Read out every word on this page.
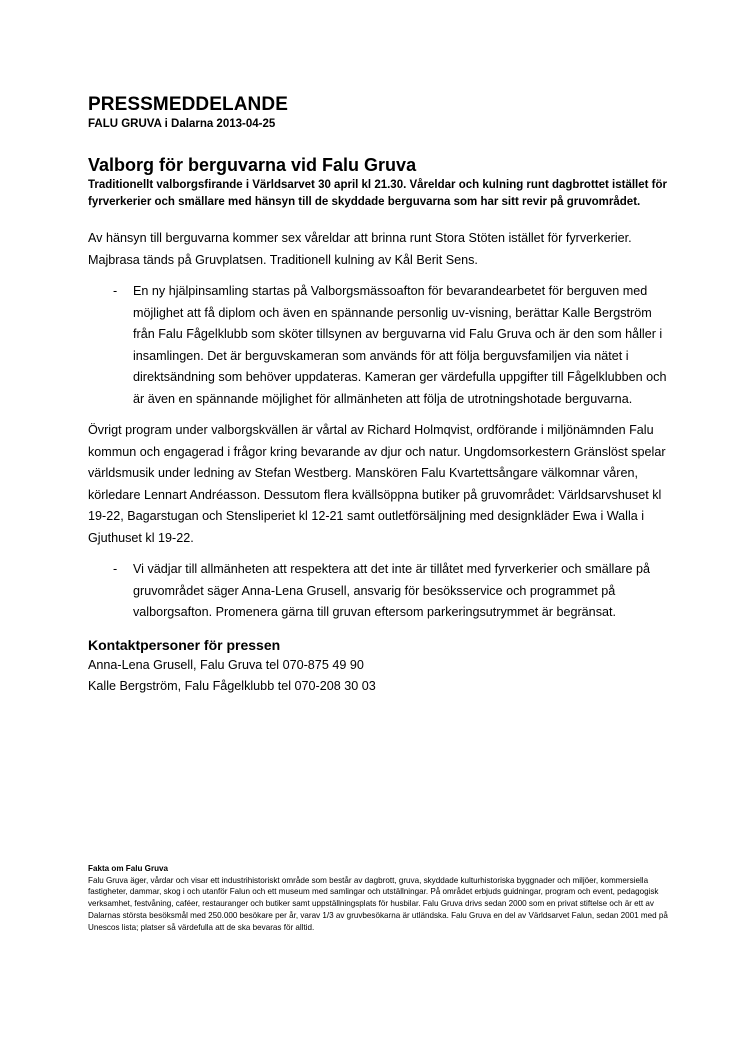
PRESSMEDDELANDE
FALU GRUVA i Dalarna 2013-04-25
Valborg för berguvarna vid Falu Gruva
Traditionellt valborgsfirande i Världsarvet 30 april kl 21.30. Våreldar och kulning runt dagbrottet istället för fyrverkerier och smällare med hänsyn till de skyddade berguvarna som har sitt revir på gruvområdet.

Av hänsyn till berguvarna kommer sex våreldar att brinna runt Stora Stöten istället för fyrverkerier. Majbrasa tänds på Gruvplatsen. Traditionell kulning av Kål Berit Sens.

- En ny hjälpinsamling startas på Valborgsmässoafton för bevarandearbetet för berguven med möjlighet att få diplom och även en spännande personlig uv-visning, berättar Kalle Bergström från Falu Fågelklubb som sköter tillsynen av berguvarna vid Falu Gruva och är den som håller i insamlingen. Det är berguvskameran som används för att följa berguvsfamiljen via nätet i direktsändning som behöver uppdateras. Kameran ger värdefulla uppgifter till Fågelklubben och är även en spännande möjlighet för allmänheten att följa de utrotningshotade berguvarna.

Övrigt program under valborgskvällen är vårtal av Richard Holmqvist, ordförande i miljönämnden Falu kommun och engagerad i frågor kring bevarande av djur och natur. Ungdomsorkestern Gränslöst spelar världsmusik under ledning av Stefan Westberg. Manskören Falu Kvartettsångare välkomnar våren, körledare Lennart Andréasson. Dessutom flera kvällsöppna butiker på gruvområdet: Världsarvshuset kl 19-22, Bagarstugan och Stensliperiet kl 12-21 samt outletförsäljning med designkläder Ewa i Walla i Gjuthuset kl 19-22.

- Vi vädjar till allmänheten att respektera att det inte är tillåtet med fyrverkerier och smällare på gruvområdet säger Anna-Lena Grusell, ansvarig för besöksservice och programmet på valborgsafton. Promenera gärna till gruvan eftersom parkeringsutrymmet är begränsat.
Kontaktpersoner för pressen
Anna-Lena Grusell, Falu Gruva tel 070-875 49 90
Kalle Bergström, Falu Fågelklubb tel 070-208 30 03

Fakta om Falu Gruva

Falu Gruva äger, vårdar och visar ett industrihistoriskt område som består av dagbrott, gruva, skyddade kulturhistoriska byggnader och miljöer, kommersiella fastigheter, dammar, skog i och utanför Falun och ett museum med samlingar och utställningar. På området erbjuds guidningar, program och event, pedagogisk verksamhet, festvåning, caféer, restauranger och butiker samt uppställningsplats för husbilar. Falu Gruva drivs sedan 2000 som en privat stiftelse och är ett av Dalarnas största besöksmål med 250.000 besökare per år, varav 1/3 av gruvbesökarna är utländska. Falu Gruva en del av Världsarvet Falun, sedan 2001 med på Unescos lista; platser så värdefulla att de ska bevaras för alltid.
